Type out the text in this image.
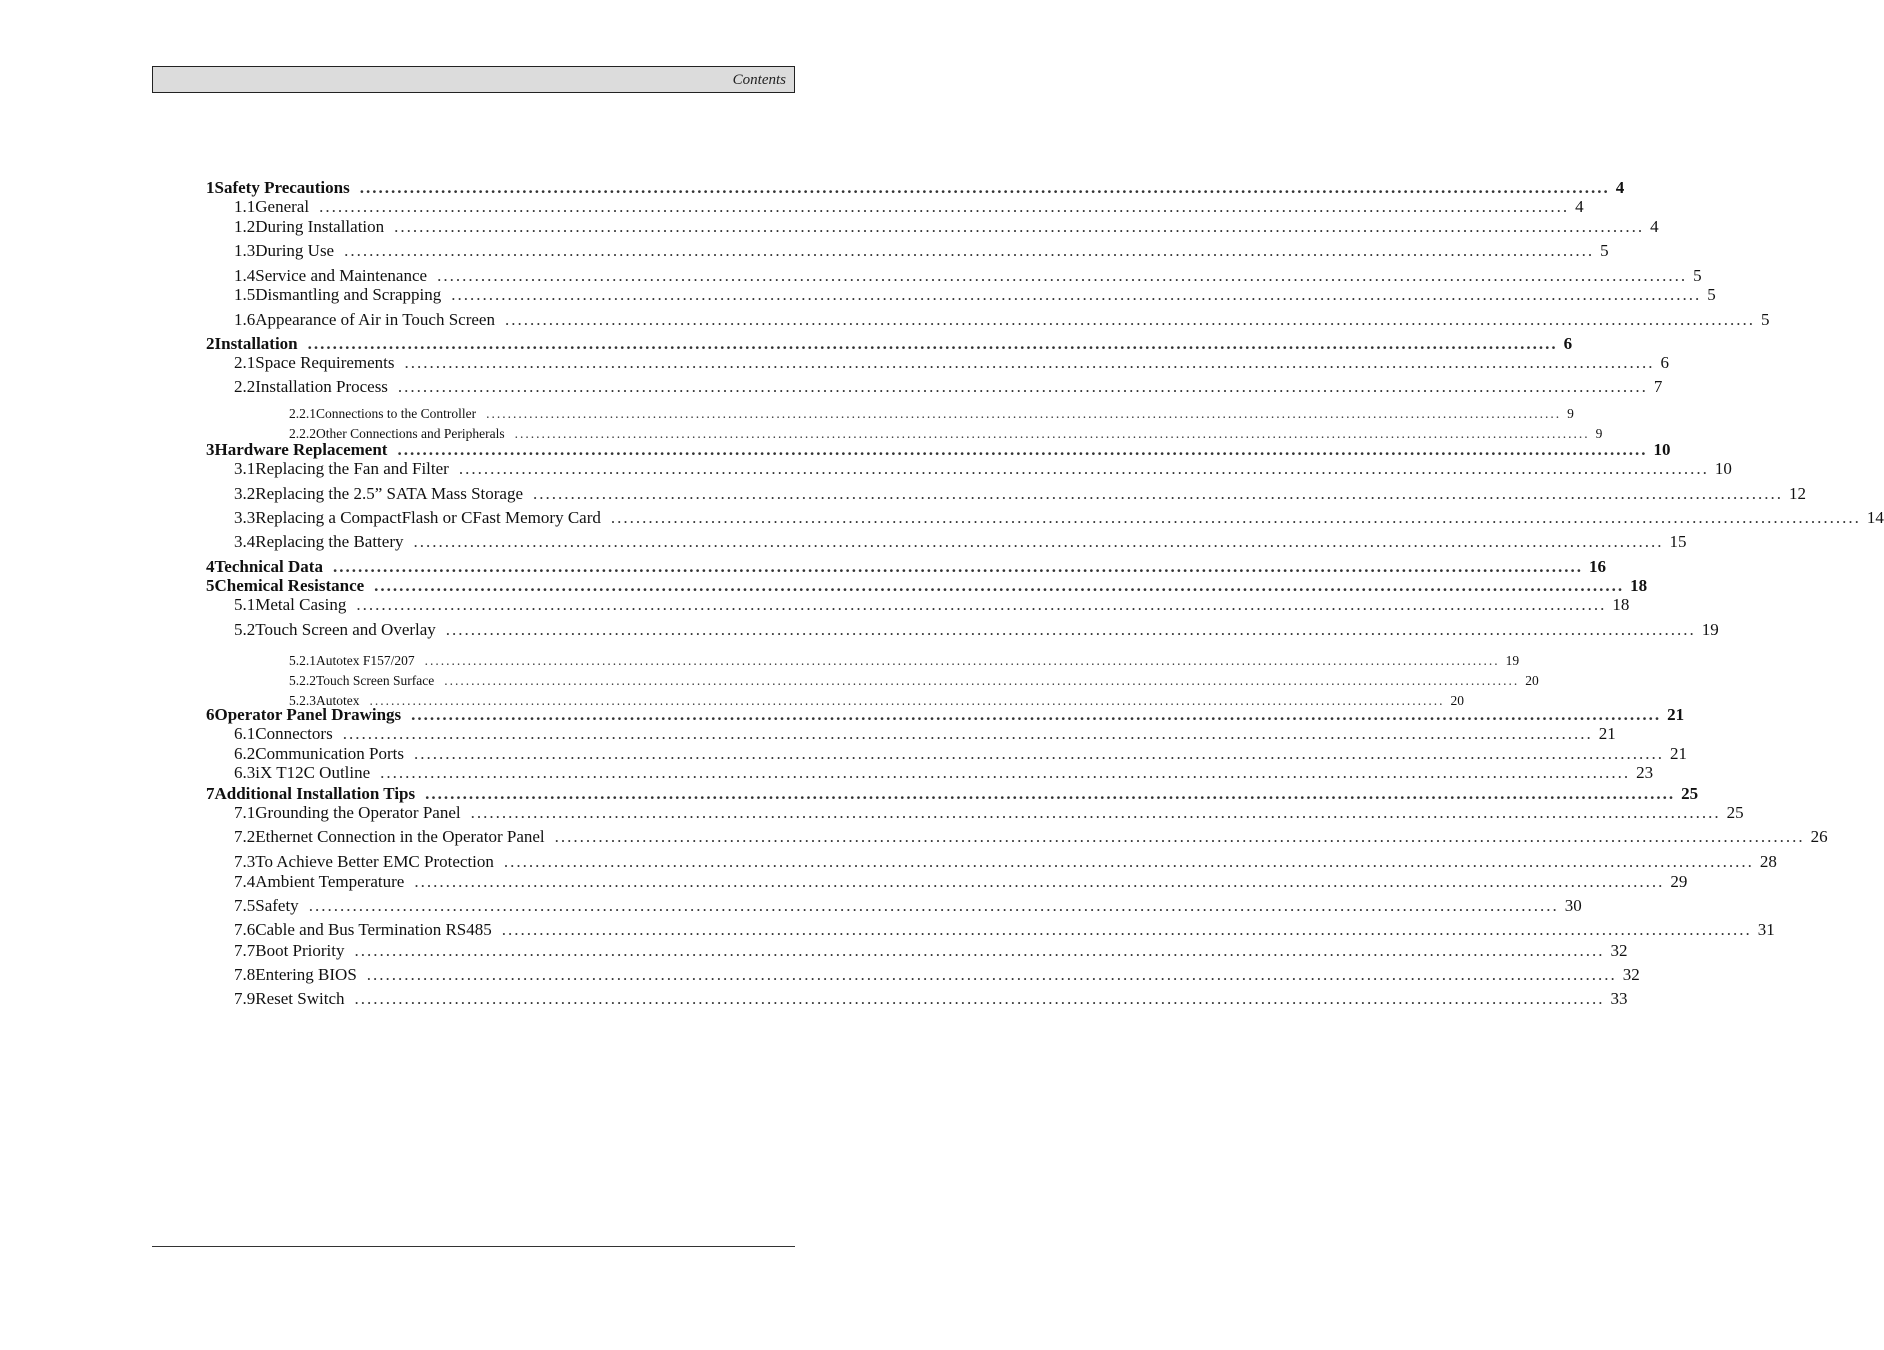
Contents
1 Safety Precautions ........................................................................................................................................................................................................ 4
1.1 General ........................................................................................................................................................................................................ 4
1.2 During Installation ........................................................................................................................................................................................................ 4
1.3 During Use ........................................................................................................................................................................................................ 5
1.4 Service and Maintenance ........................................................................................................................................................................................................ 5
1.5 Dismantling and Scrapping ........................................................................................................................................................................................................ 5
1.6 Appearance of Air in Touch Screen ........................................................................................................................................................................................................ 5
2 Installation ........................................................................................................................................................................................................ 6
2.1 Space Requirements ........................................................................................................................................................................................................ 6
2.2 Installation Process ........................................................................................................................................................................................................ 7
2.2.1 Connections to the Controller ........................................................................................................................................................................................................ 9
2.2.2 Other Connections and Peripherals ........................................................................................................................................................................................................ 9
3 Hardware Replacement ........................................................................................................................................................................................................ 10
3.1 Replacing the Fan and Filter ........................................................................................................................................................................................................ 10
3.2 Replacing the 2.5” SATA Mass Storage ........................................................................................................................................................................................................ 12
3.3 Replacing a CompactFlash or CFast Memory Card ........................................................................................................................................................................................................ 14
3.4 Replacing the Battery ........................................................................................................................................................................................................ 15
4 Technical Data ........................................................................................................................................................................................................ 16
5 Chemical Resistance ........................................................................................................................................................................................................ 18
5.1 Metal Casing ........................................................................................................................................................................................................ 18
5.2 Touch Screen and Overlay ........................................................................................................................................................................................................ 19
5.2.1 Autotex F157/207 ........................................................................................................................................................................................................ 19
5.2.2 Touch Screen Surface ........................................................................................................................................................................................................ 20
5.2.3 Autotex ........................................................................................................................................................................................................ 20
6 Operator Panel Drawings ........................................................................................................................................................................................................ 21
6.1 Connectors ........................................................................................................................................................................................................ 21
6.2 Communication Ports ........................................................................................................................................................................................................ 21
6.3 iX T12C Outline ........................................................................................................................................................................................................ 23
7 Additional Installation Tips ........................................................................................................................................................................................................ 25
7.1 Grounding the Operator Panel ........................................................................................................................................................................................................ 25
7.2 Ethernet Connection in the Operator Panel ........................................................................................................................................................................................................ 26
7.3 To Achieve Better EMC Protection ........................................................................................................................................................................................................ 28
7.4 Ambient Temperature ........................................................................................................................................................................................................ 29
7.5 Safety ........................................................................................................................................................................................................ 30
7.6 Cable and Bus Termination RS485 ........................................................................................................................................................................................................ 31
7.7 Boot Priority ........................................................................................................................................................................................................ 32
7.8 Entering BIOS ........................................................................................................................................................................................................ 32
7.9 Reset Switch ........................................................................................................................................................................................................ 33
